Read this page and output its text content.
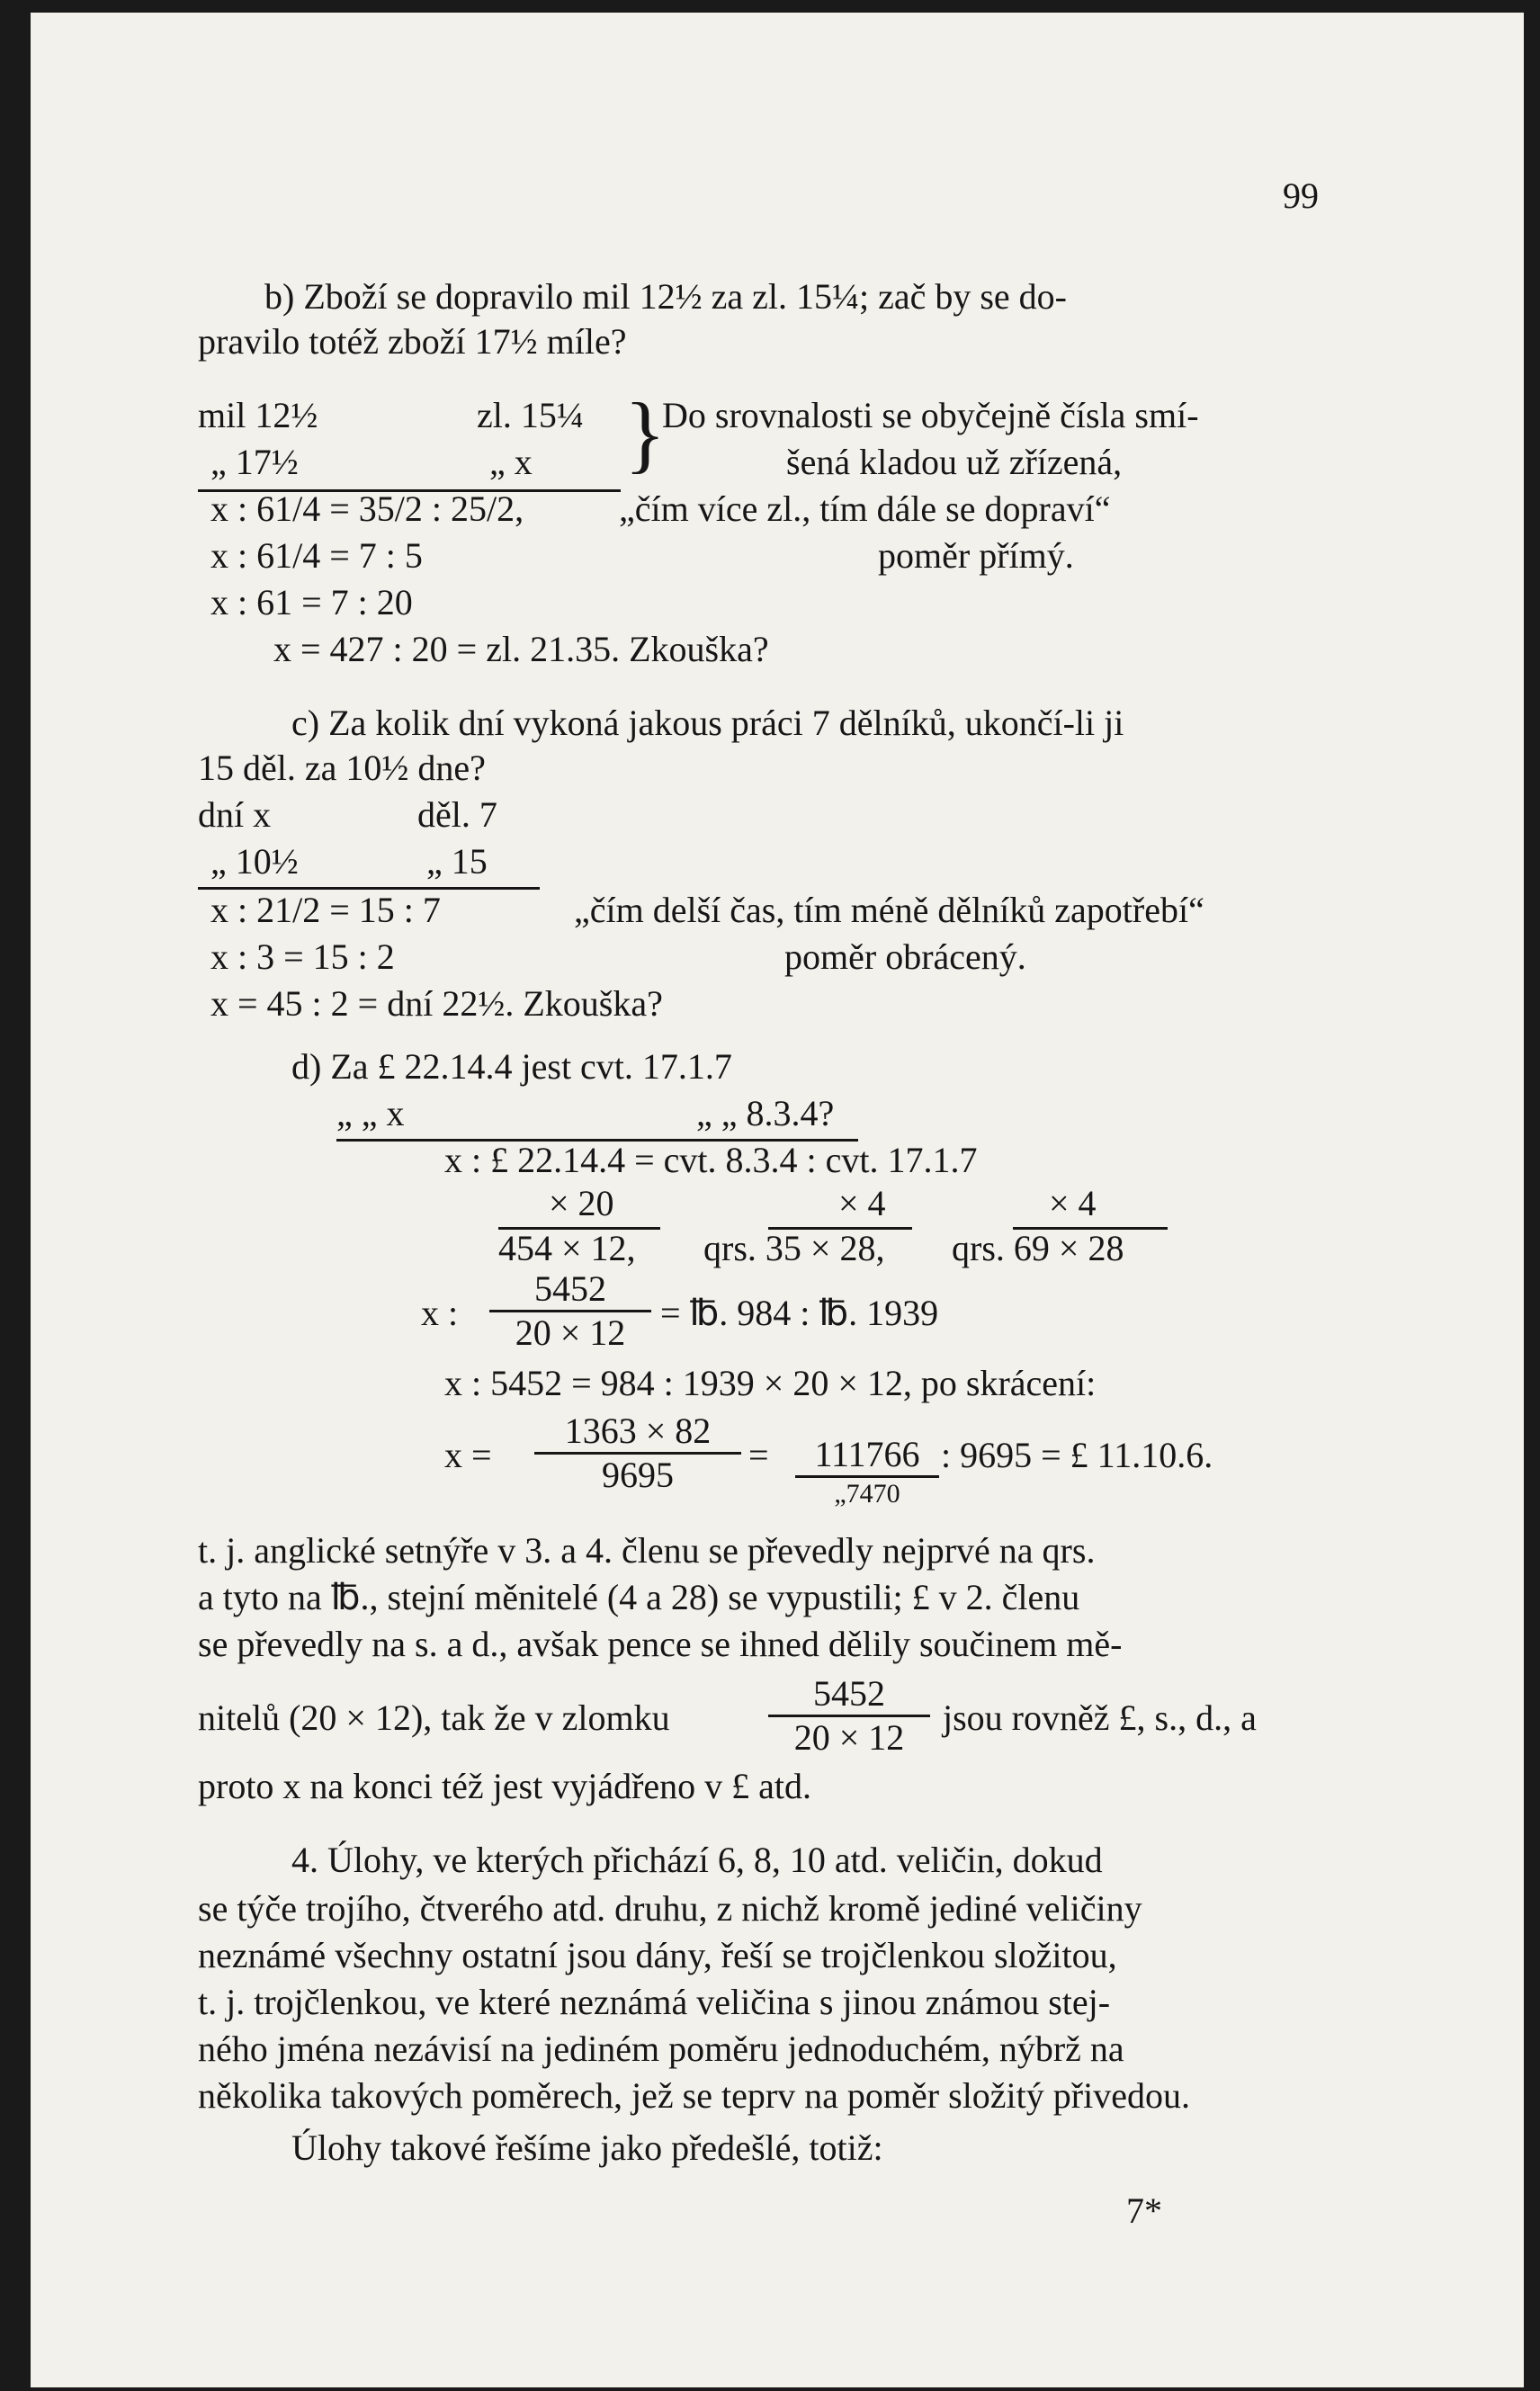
99
b) Zboží se dopravilo mil 12½ za zl. 15¼; zač by se do-
pravilo totéž zboží 17½ míle?
mil 12½	zl. 15¼
„ 17½	„ x }
Do srovnalosti se obyčejně čísla smí-
šená kladou už zřízená,
„čím více zl., tím dále se dopraví“
poměr přímý.
x : 61/4 = 35/2 : 25/2,
x : 61/4 = 7 : 5
x : 61 = 7 : 20
x = 427 : 20 = zl. 21.35. Zkouška?
c) Za kolik dní vykoná jakous práci 7 dělníků, ukončí-li ji
15 děl. za 10½ dne?
dní x	děl. 7
„ 10½	„ 15
x : 21/2 = 15 : 7	„čím delší čas, tím méně dělníků zapotřebí“
x : 3 = 15 : 2	poměr obrácený.
x = 45 : 2 = dní 22½. Zkouška?
d) Za £ 22.14.4 jest cvt. 17.1.7
„ „ x	„ „ 8.3.4?
x : £ 22.14.4 = cvt. 8.3.4 : cvt. 17.1.7
× 20	× 4	× 4
454 × 12, qrs. 35 × 28, qrs. 69 × 28
x : $\frac{5452}{20 \times 12}$ = ℔. 984 : ℔. 1939
x : 5452 = 984 : 1939 × 20 × 12, po skrácení:
$x = \frac{1363 \times 82}{9695}$ =	111766
„7470
: 9695 = £ 11.10.6.
t. j. anglické setnýře v 3. a 4. členu se převedly nejprvé na qrs.
a tyto na ℔., stejní měnitelé (4 a 28) se vypustili; £ v 2. členu
se převedly na s. a d., avšak pence se ihned dělily součinem mě-
nitelů (20 × 12), tak že v zlomku	$\frac{5452}{20 \times 12}$ jsou rovněž £, s., d., a
proto x na konci též jest vyjádřeno v £ atd.
4. Úlohy, ve kterých přichází 6, 8, 10 atd. veličin, dokud
se týče trojího, čtverého atd. druhu, z nichž kromě jediné veličiny
neznámé všechny ostatní jsou dány, řeší se trojčlenkou složitou,
t. j. trojčlenkou, ve které neznámá veličina s jinou známou stej-
ného jména nezávisí na jediném poměru jednoduchém, nýbrž na
několika takových poměrech, jež se teprv na poměr složitý přivedou.
Úlohy takové řešíme jako předešlé, totiž:
7*
